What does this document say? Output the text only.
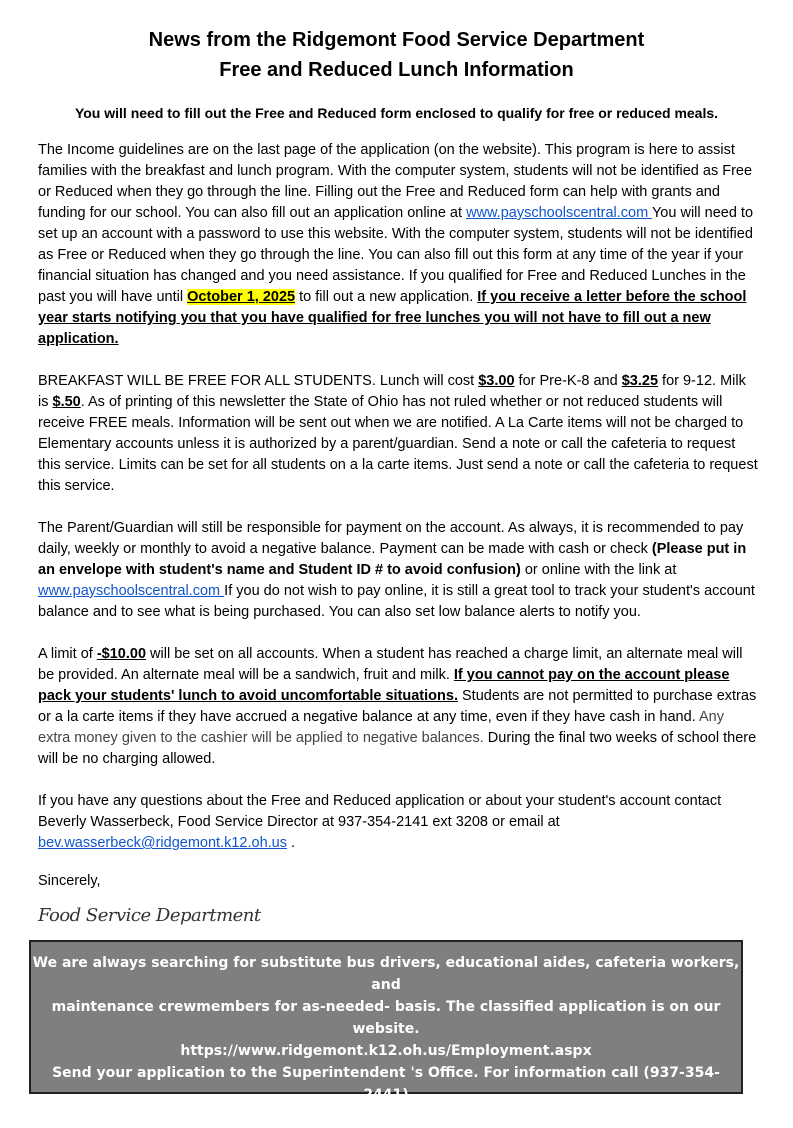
News from the Ridgemont Food Service Department
Free and Reduced Lunch Information
You will need to fill out the Free and Reduced form enclosed to qualify for free or reduced meals.
The Income guidelines are on the last page of the application (on the website). This program is here to assist families with the breakfast and lunch program. With the computer system, students will not be identified as Free or Reduced when they go through the line. Filling out the Free and Reduced form can help with grants and funding for our school. You can also fill out an application online at www.payschoolscentral.com You will need to set up an account with a password to use this website. With the computer system, students will not be identified as Free or Reduced when they go through the line. You can also fill out this form at any time of the year if your financial situation has changed and you need assistance. If you qualified for Free and Reduced Lunches in the past you will have until October 1, 2025 to fill out a new application. If you receive a letter before the school year starts notifying you that you have qualified for free lunches you will not have to fill out a new application.
BREAKFAST WILL BE FREE FOR ALL STUDENTS. Lunch will cost $3.00 for Pre-K-8 and $3.25 for 9-12. Milk is $.50. As of printing of this newsletter the State of Ohio has not ruled whether or not reduced students will receive FREE meals. Information will be sent out when we are notified. A La Carte items will not be charged to Elementary accounts unless it is authorized by a parent/guardian. Send a note or call the cafeteria to request this service. Limits can be set for all students on a la carte items. Just send a note or call the cafeteria to request this service.
The Parent/Guardian will still be responsible for payment on the account. As always, it is recommended to pay daily, weekly or monthly to avoid a negative balance. Payment can be made with cash or check (Please put in an envelope with student's name and Student ID # to avoid confusion) or online with the link at www.payschoolscentral.com If you do not wish to pay online, it is still a great tool to track your student's account balance and to see what is being purchased. You can also set low balance alerts to notify you.
A limit of -$10.00 will be set on all accounts. When a student has reached a charge limit, an alternate meal will be provided. An alternate meal will be a sandwich, fruit and milk. If you cannot pay on the account please pack your students' lunch to avoid uncomfortable situations. Students are not permitted to purchase extras or a la carte items if they have accrued a negative balance at any time, even if they have cash in hand. Any extra money given to the cashier will be applied to negative balances. During the final two weeks of school there will be no charging allowed.
If you have any questions about the Free and Reduced application or about your student's account contact Beverly Wasserbeck, Food Service Director at 937-354-2141 ext 3208 or email at bev.wasserbeck@ridgemont.k12.oh.us .
Sincerely,
Food Service Department
We are always searching for substitute bus drivers, educational aides, cafeteria workers, and
maintenance crewmembers for as-needed- basis. The classified application is on our website.
https://www.ridgemont.k12.oh.us/Employment.aspx
Send your application to the Superintendent 's Office. For information call (937-354-2441)
or email Sandy at sandy.overly@ridgemont.k12.oh.us .
